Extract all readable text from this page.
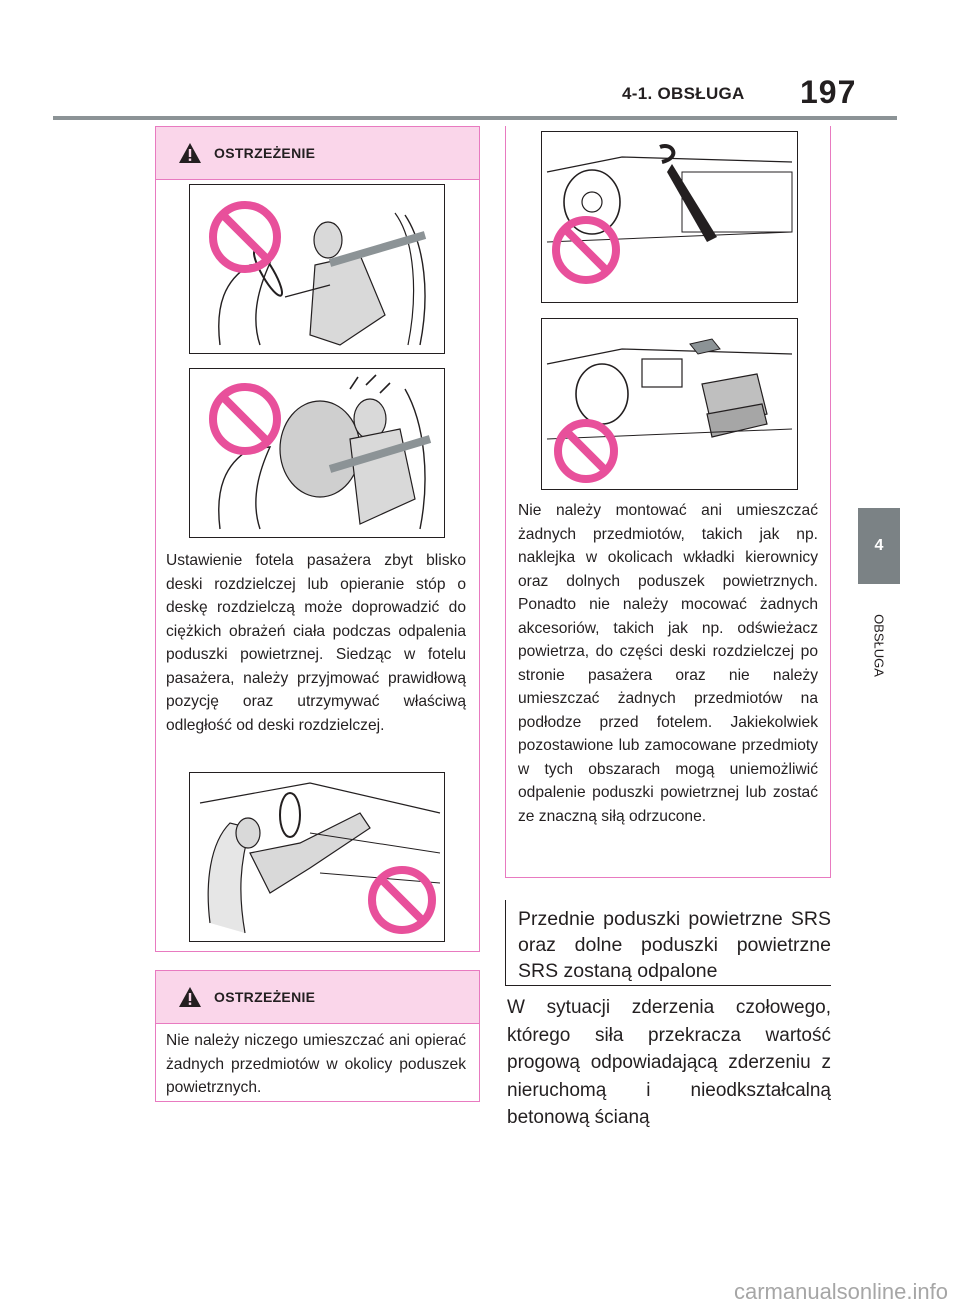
4-1. OBSŁUGA 197
4
OBSŁUGA
OSTRZEŻENIE
Ustawienie fotela pasażera zbyt blisko deski rozdzielczej lub opieranie stóp o deskę rozdzielczą może doprowadzić do ciężkich obrażeń ciała podczas odpalenia poduszki powietrznej. Siedząc w fotelu pasażera, należy przyjmować prawidłową pozycję oraz utrzymywać właściwą odległość od deski rozdzielczej.
OSTRZEŻENIE
Nie należy niczego umieszczać ani opierać żadnych przedmiotów w okolicy poduszek powietrznych.
Nie należy montować ani umieszczać żadnych przedmiotów, takich jak np. naklejka w okolicach wkładki kierownicy oraz dolnych poduszek powietrznych. Ponadto nie należy mocować żadnych akcesoriów, takich jak np. odświeżacz powietrza, do części deski rozdzielczej po stronie pasażera oraz nie należy umieszczać żadnych przedmiotów na podłodze przed fotelem. Jakiekolwiek pozostawione lub zamocowane przedmioty w tych obszarach mogą uniemożliwić odpalenie poduszki powietrznej lub zostać ze znaczną siłą odrzucone.
Przednie poduszki powietrzne SRS oraz dolne poduszki powietrzne SRS zostaną odpalone
W sytuacji zderzenia czołowego, którego siła przekracza wartość progową odpowiadającą zderzeniu z nieruchomą i nieodkształcalną betonową ścianą
carmanualsonline.info
